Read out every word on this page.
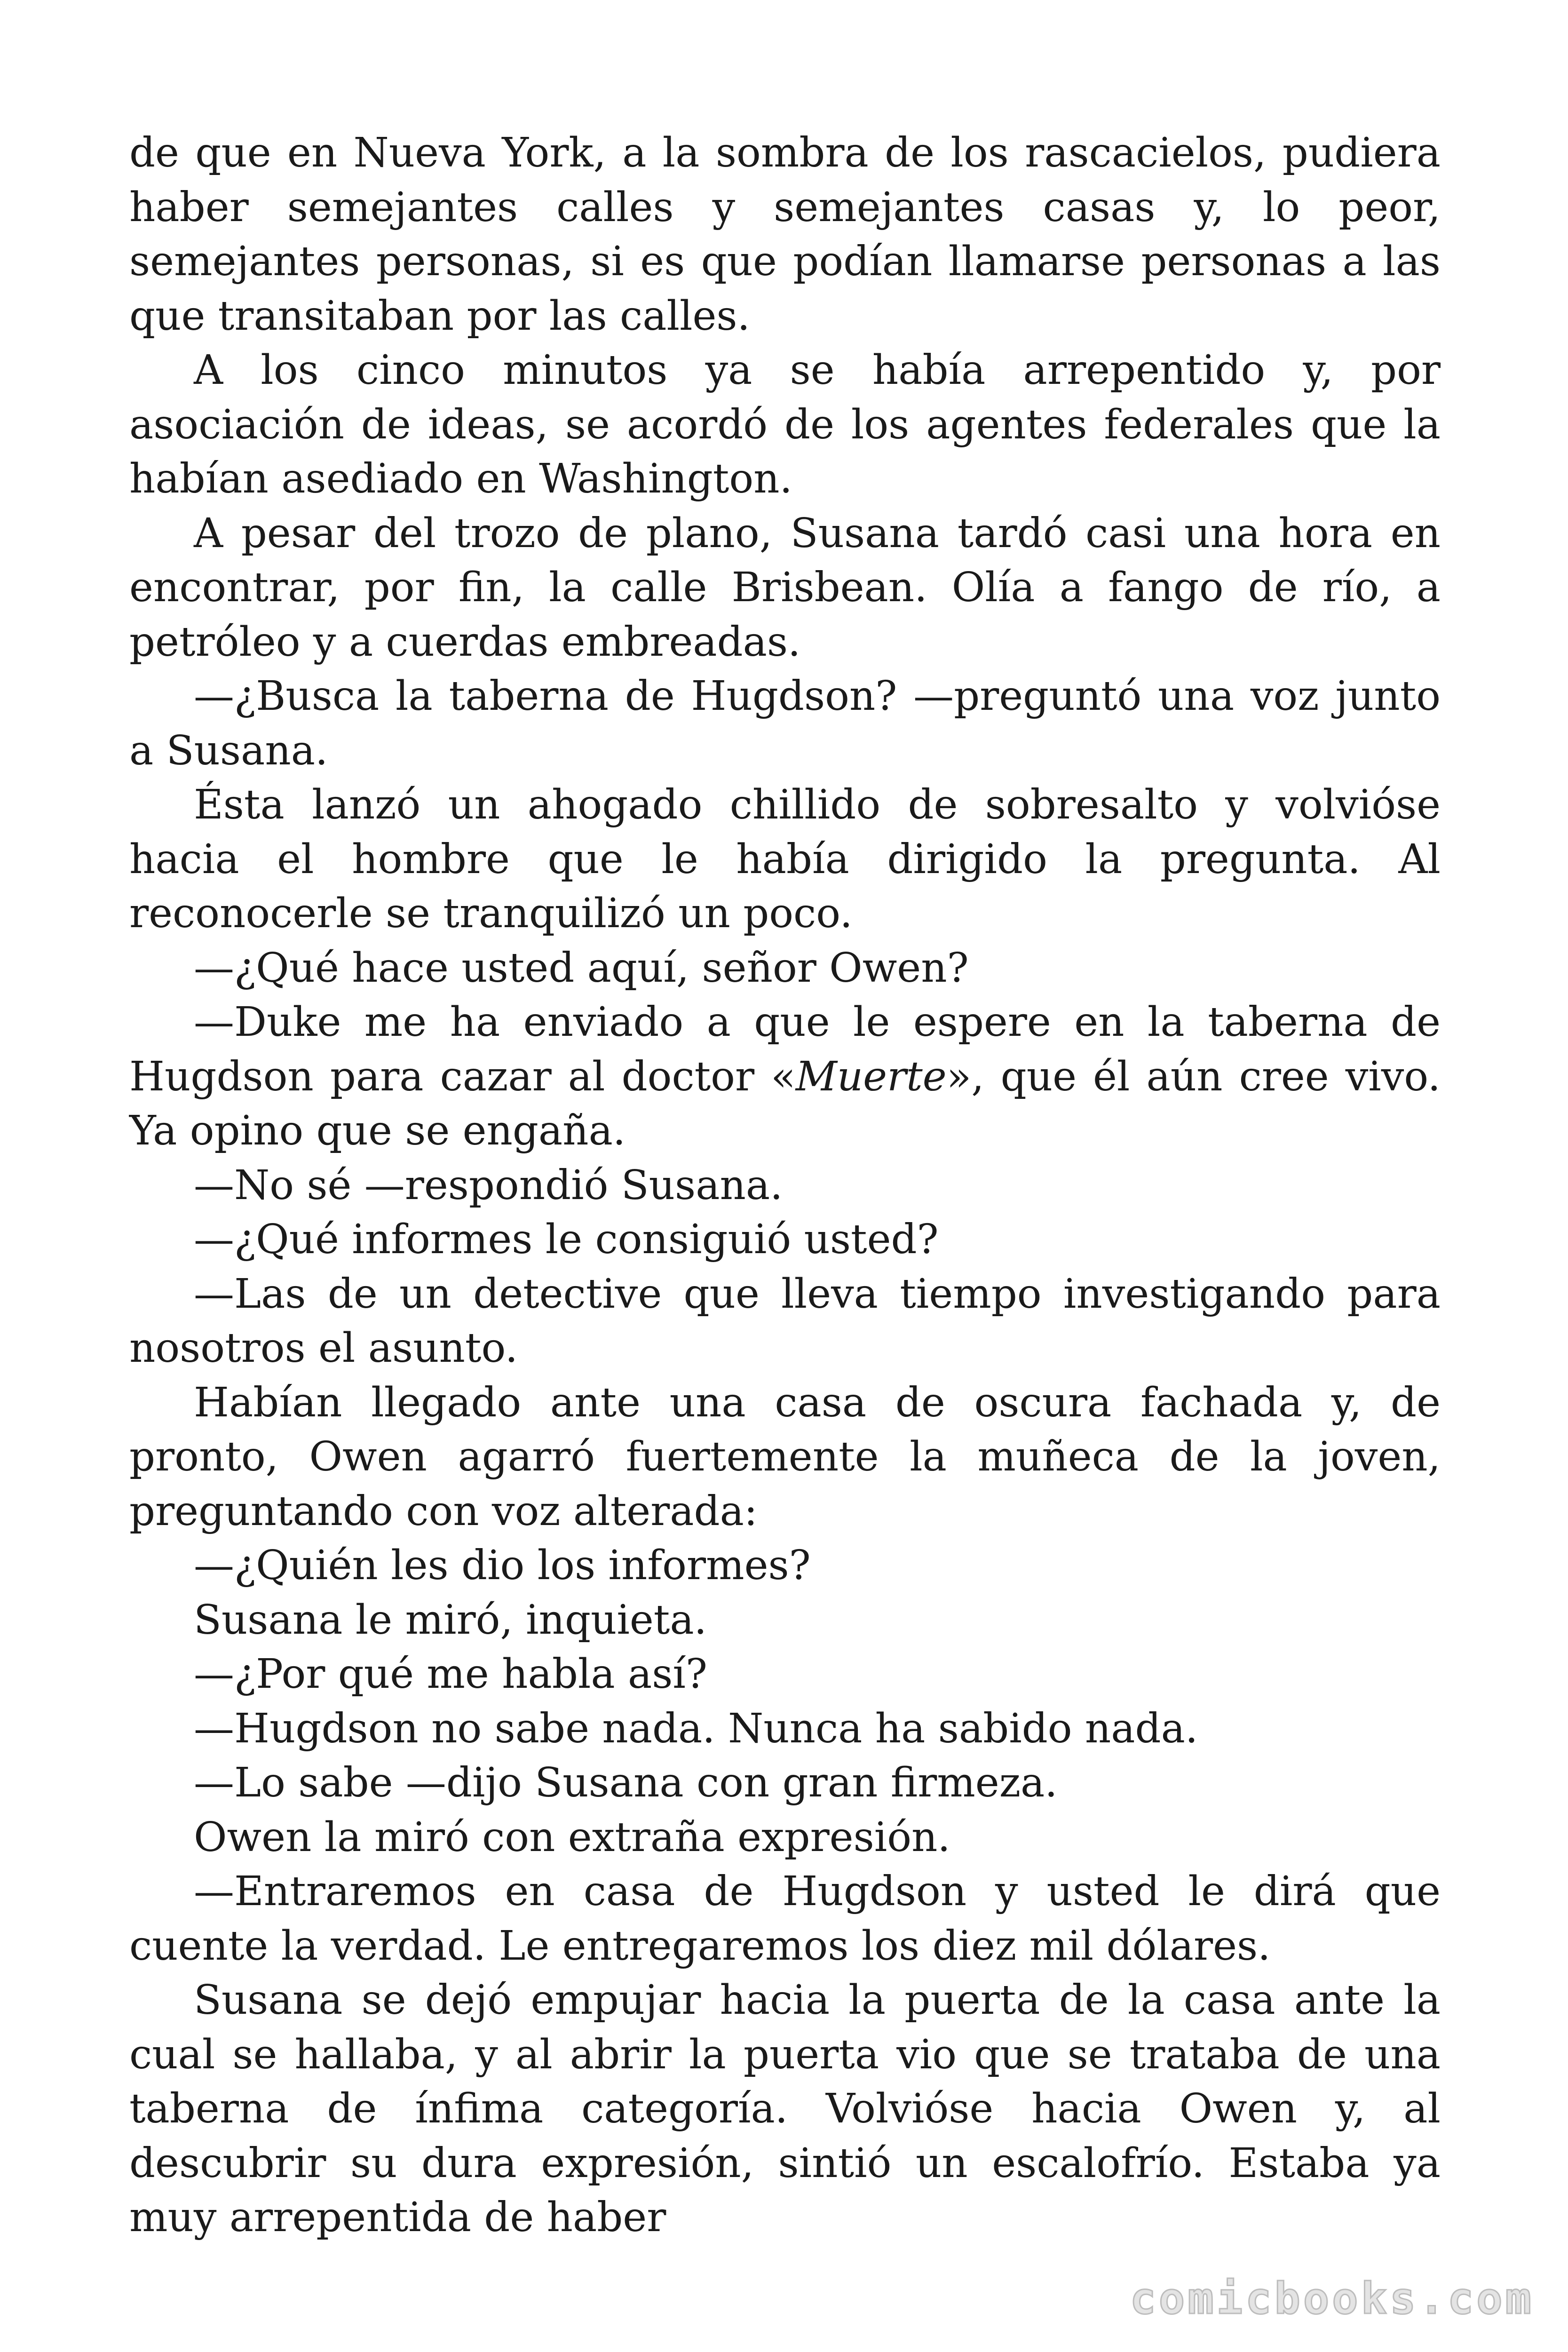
de que en Nueva York, a la sombra de los rascacielos, pudiera haber semejantes calles y semejantes casas y, lo peor, semejantes personas, si es que podían llamarse personas a las que transitaban por las calles.

A los cinco minutos ya se había arrepentido y, por asociación de ideas, se acordó de los agentes federales que la habían asediado en Washington.

A pesar del trozo de plano, Susana tardó casi una hora en encontrar, por fin, la calle Brisbean. Olía a fango de río, a petróleo y a cuerdas embreadas.

—¿Busca la taberna de Hugdson? —preguntó una voz junto a Susana.

Ésta lanzó un ahogado chillido de sobresalto y volvióse hacia el hombre que le había dirigido la pregunta. Al reconocerle se tranquilizó un poco.

—¿Qué hace usted aquí, señor Owen?

—Duke me ha enviado a que le espere en la taberna de Hugdson para cazar al doctor «Muerte», que él aún cree vivo. Ya opino que se engaña.

—No sé —respondió Susana.

—¿Qué informes le consiguió usted?

—Las de un detective que lleva tiempo investigando para nosotros el asunto.

Habían llegado ante una casa de oscura fachada y, de pronto, Owen agarró fuertemente la muñeca de la joven, preguntando con voz alterada:

—¿Quién les dio los informes?

Susana le miró, inquieta.

—¿Por qué me habla así?

—Hugdson no sabe nada. Nunca ha sabido nada.

—Lo sabe —dijo Susana con gran firmeza.

Owen la miró con extraña expresión.

—Entraremos en casa de Hugdson y usted le dirá que cuente la verdad. Le entregaremos los diez mil dólares.

Susana se dejó empujar hacia la puerta de la casa ante la cual se hallaba, y al abrir la puerta vio que se trataba de una taberna de ínfima categoría. Volvióse hacia Owen y, al descubrir su dura expresión, sintió un escalofrío. Estaba ya muy arrepentida de haber

comicbooks.com
